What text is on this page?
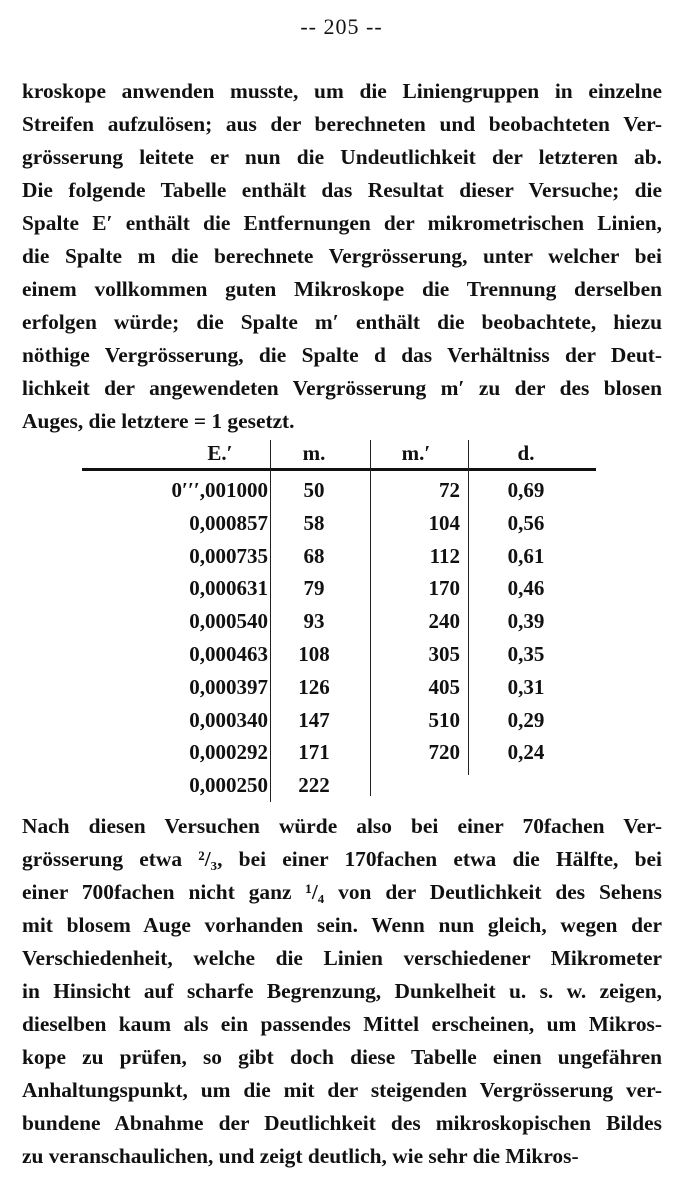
-- 205 --
kroskope anwenden musste, um die Liniengruppen in einzelne
Streifen aufzulösen; aus der berechneten und beobachteten Ver-
grösserung leitete er nun die Undeutlichkeit der letzteren ab.
Die folgende Tabelle enthält das Resultat dieser Versuche; die
Spalte E′ enthält die Entfernungen der mikrometrischen Linien,
die Spalte m die berechnete Vergrösserung, unter welcher bei
einem vollkommen guten Mikroskope die Trennung derselben
erfolgen würde; die Spalte m′ enthält die beobachtete, hiezu
nöthige Vergrösserung, die Spalte d das Verhältniss der Deut-
lichkeit der angewendeten Vergrösserung m′ zu der des blosen
Auges, die letztere = 1 gesetzt.
E.′	m.	m.′	d.
0′′′,001000	50	72	0,69
0,000857	58	104	0,56
0,000735	68	112	0,61
0,000631	79	170	0,46
0,000540	93	240	0,39
0,000463	108	305	0,35
0,000397	126	405	0,31
0,000340	147	510	0,29
0,000292	171	720	0,24
0,000250	222
Nach diesen Versuchen würde also bei einer 70fachen Ver-
grösserung etwa ²/₃, bei einer 170fachen etwa die Hälfte, bei
einer 700fachen nicht ganz ¹/₄ von der Deutlichkeit des Sehens
mit blosem Auge vorhanden sein. Wenn nun gleich, wegen der
Verschiedenheit, welche die Linien verschiedener Mikrometer
in Hinsicht auf scharfe Begrenzung, Dunkelheit u. s. w. zeigen,
dieselben kaum als ein passendes Mittel erscheinen, um Mikros-
kope zu prüfen, so gibt doch diese Tabelle einen ungefähren
Anhaltungspunkt, um die mit der steigenden Vergrösserung ver-
bundene Abnahme der Deutlichkeit des mikroskopischen Bildes
zu veranschaulichen, und zeigt deutlich, wie sehr die Mikros-
